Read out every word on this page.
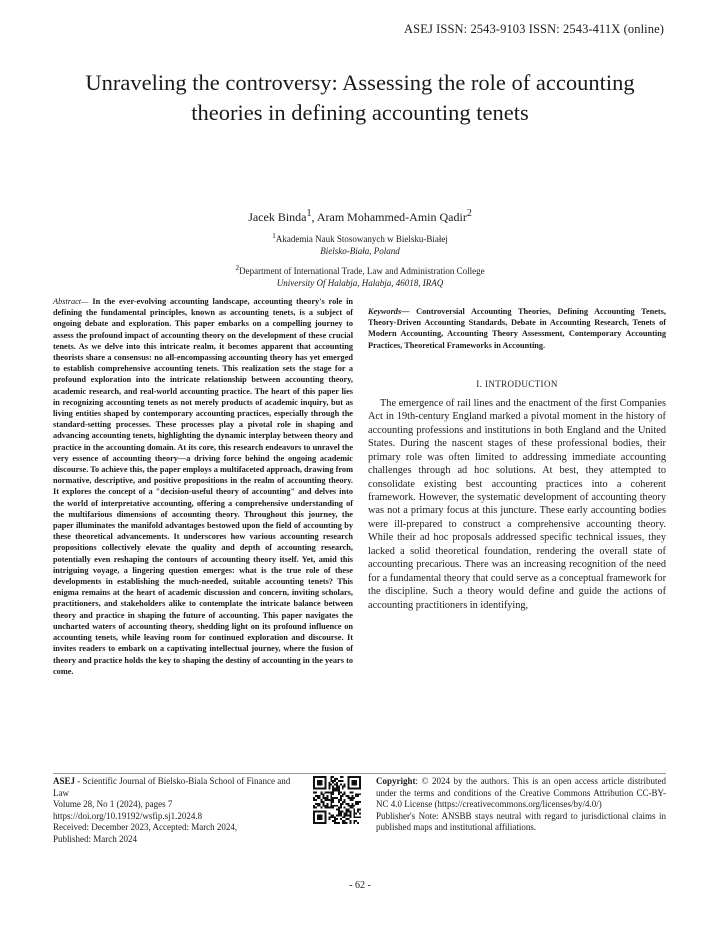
ASEJ ISSN: 2543-9103 ISSN: 2543-411X (online)
Unraveling the controversy: Assessing the role of accounting theories in defining accounting tenets
Jacek Binda$^1$, Aram Mohammed-Amin Qadir$^2$
$^1$Akademia Nauk Stosowanych w Bielsku-Białej
Bielsko-Biała, Poland
$^2$Department of International Trade, Law and Administration College
University Of Halabja, Halabja, 46018, IRAQ

Abstract— In the ever-evolving accounting landscape, accounting theory's role in defining the fundamental principles, known as accounting tenets, is a subject of ongoing debate and exploration. This paper embarks on a compelling journey to assess the profound impact of accounting theory on the development of these crucial tenets. As we delve into this intricate realm, it becomes apparent that accounting theorists share a consensus: no all-encompassing accounting theory has yet emerged to establish comprehensive accounting tenets. This realization sets the stage for a profound exploration into the intricate relationship between accounting theory, academic research, and real-world accounting practice. The heart of this paper lies in recognizing accounting tenets as not merely products of academic inquiry, but as living entities shaped by contemporary accounting practices, especially through the standard-setting processes. These processes play a pivotal role in shaping and advancing accounting tenets, highlighting the dynamic interplay between theory and practice in the accounting domain. At its core, this research endeavors to unravel the very essence of accounting theory—a driving force behind the ongoing academic discourse. To achieve this, the paper employs a multifaceted approach, drawing from normative, descriptive, and positive propositions in the realm of accounting theory. It explores the concept of a "decision-useful theory of accounting" and delves into the world of interpretative accounting, offering a comprehensive understanding of the multifarious dimensions of accounting theory. Throughout this journey, the paper illuminates the manifold advantages bestowed upon the field of accounting by these theoretical advancements. It underscores how various accounting research propositions collectively elevate the quality and depth of accounting research, potentially even reshaping the contours of accounting theory itself. Yet, amid this intriguing voyage, a lingering question emerges: what is the true role of these developments in establishing the much-needed, suitable accounting tenets? This enigma remains at the heart of academic discussion and concern, inviting scholars, practitioners, and stakeholders alike to contemplate the intricate balance between theory and practice in shaping the future of accounting. This paper navigates the uncharted waters of accounting theory, shedding light on its profound influence on accounting tenets, while leaving room for continued exploration and discourse. It invites readers to embark on a captivating intellectual journey, where the fusion of theory and practice holds the key to shaping the destiny of accounting in the years to come.

Keywords— Controversial Accounting Theories, Defining Accounting Tenets, Theory-Driven Accounting Standards, Debate in Accounting Research, Tenets of Modern Accounting, Accounting Theory Assessment, Contemporary Accounting Practices, Theoretical Frameworks in Accounting.

I. INTRODUCTION

The emergence of rail lines and the enactment of the first Companies Act in 19th-century England marked a pivotal moment in the history of accounting professions and institutions in both England and the United States. During the nascent stages of these professional bodies, their primary role was often limited to addressing immediate accounting challenges through ad hoc solutions. At best, they attempted to consolidate existing best accounting practices into a coherent framework. However, the systematic development of accounting theory was not a primary focus at this juncture. These early accounting bodies were ill-prepared to construct a comprehensive accounting theory. While their ad hoc proposals addressed specific technical issues, they lacked a solid theoretical foundation, rendering the overall state of accounting precarious. There was an increasing recognition of the need for a fundamental theory that could serve as a conceptual framework for the discipline. Such a theory would define and guide the actions of accounting practitioners in identifying,

ASEJ - Scientific Journal of Bielsko-Biala School of Finance and Law
Volume 28, No 1 (2024), pages 7
https://doi.org/10.19192/wsfip.sj1.2024.8
Received: December 2023, Accepted: March 2024,
Published: March 2024

Copyright: © 2024 by the authors. This is an open access article distributed under the terms and conditions of the Creative Commons Attribution CC-BY-NC 4.0 License (https://creativecommons.org/licenses/by/4.0/)

Publisher's Note: ANSBB stays neutral with regard to jurisdictional claims in published maps and institutional affiliations.

- 62 -
